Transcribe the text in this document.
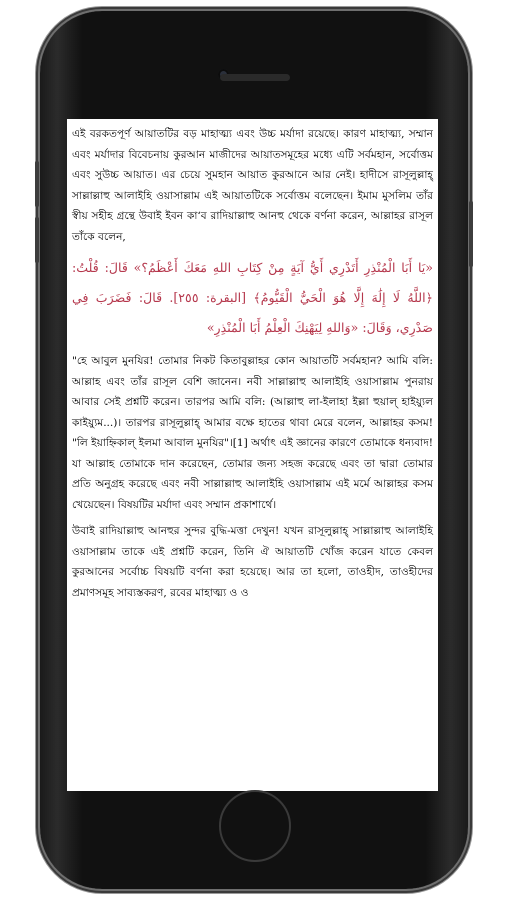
এই বরকতপূর্ণ আয়াতটির বড় মাহাত্ম্য এবং উচ্চ মর্যাদা রয়েছে। কারণ মাহাত্ম্য, সম্মান এবং মর্যাদার বিবেচনায় কুরআন মাজীদের আয়াতসমূহের মধ্যে এটি সর্বমহান, সর্বোত্তম এবং সুউচ্চ আয়াত। এর চেয়ে সুমহান আয়াত কুরআনে আর নেই। হাদীসে রাসূলুল্লাহ্ সাল্লাল্লাহু আলাইহি ওয়াসাল্লাম এই আয়াতটিকে সর্বোত্তম বলেছেন। ইমাম মুসলিম তাঁর স্বীয় সহীহ গ্রন্থে উবাই ইবন কা‘ব রাদিয়াল্লাহু আনহু থেকে বর্ণনা করেন, আল্লাহর রাসূল তাঁকে বলেন,

«يَا أَبَا الْمُنْذِرِ أَتَدْرِي أَيُّ آيَةٍ مِنْ كِتَابِ اللهِ مَعَكَ أَعْظَمُ؟» قَالَ: قُلْتُ: ﴿اللَّهُ لَا إِلَٰهَ إِلَّا هُوَ الْحَيُّ الْقَيُّومُ﴾ [البقرة: ٢٥٥]. قَالَ: فَضَرَبَ فِي صَدْرِي، وَقَالَ: «وَاللهِ لِيَهْنِكَ الْعِلْمُ أَبَا الْمُنْذِرِ»

"হে আবুল মুনযির! তোমার নিকট কিতাবুল্লাহর কোন আয়াতটি সর্বমহান? আমি বলি: আল্লাহ এবং তাঁর রাসূল বেশি জানেন। নবী সাল্লাল্লাহু আলাইহি ওয়াসাল্লাম পুনরায় আবার সেই প্রশ্নটি করেন। তারপর আমি বলি: (আল্লাহু লা-ইলাহা ইল্লা হুয়াল্ হাইয়্যুল কাইয়্যুম...)। তারপর রাসূলুল্লাহ্ আমার বক্ষে হাতের থাবা মেরে বলেন, আল্লাহর কসম! "লি ইয়াহ্নিকাল্ ইলমা আবাল মুনযির"।[1] অর্থাৎ এই জ্ঞানের কারণে তোমাকে ধন্যবাদ! যা আল্লাহ তোমাকে দান করেছেন, তোমার জন্য সহজ করেছে এবং তা দ্বারা তোমার প্রতি অনুগ্রহ করেছে এবং নবী সাল্লাল্লাহু আলাইহি ওয়াসাল্লাম এই মর্মে আল্লাহর কসম খেয়েছেন। বিষয়টির মর্যাদা এবং সম্মান প্রকাশার্থে।

উবাই রাদিয়াল্লাহু আনহুর সুন্দর বুদ্ধি-মত্তা দেখুন! যখন রাসূলুল্লাহ্ সাল্লাল্লাহু আলাইহি ওয়াসাল্লাম তাকে এই প্রশ্নটি করেন, তিনি ঐ আয়াতটি খোঁজ করেন যাতে কেবল কুরআনের সর্বোচ্চ বিষয়টি বর্ণনা করা হয়েছে। আর তা হলো, তাওহীদ, তাওহীদের প্রমাণসমূহ সাব্যস্তকরণ, রবের মাহাত্ম্য ও ও
